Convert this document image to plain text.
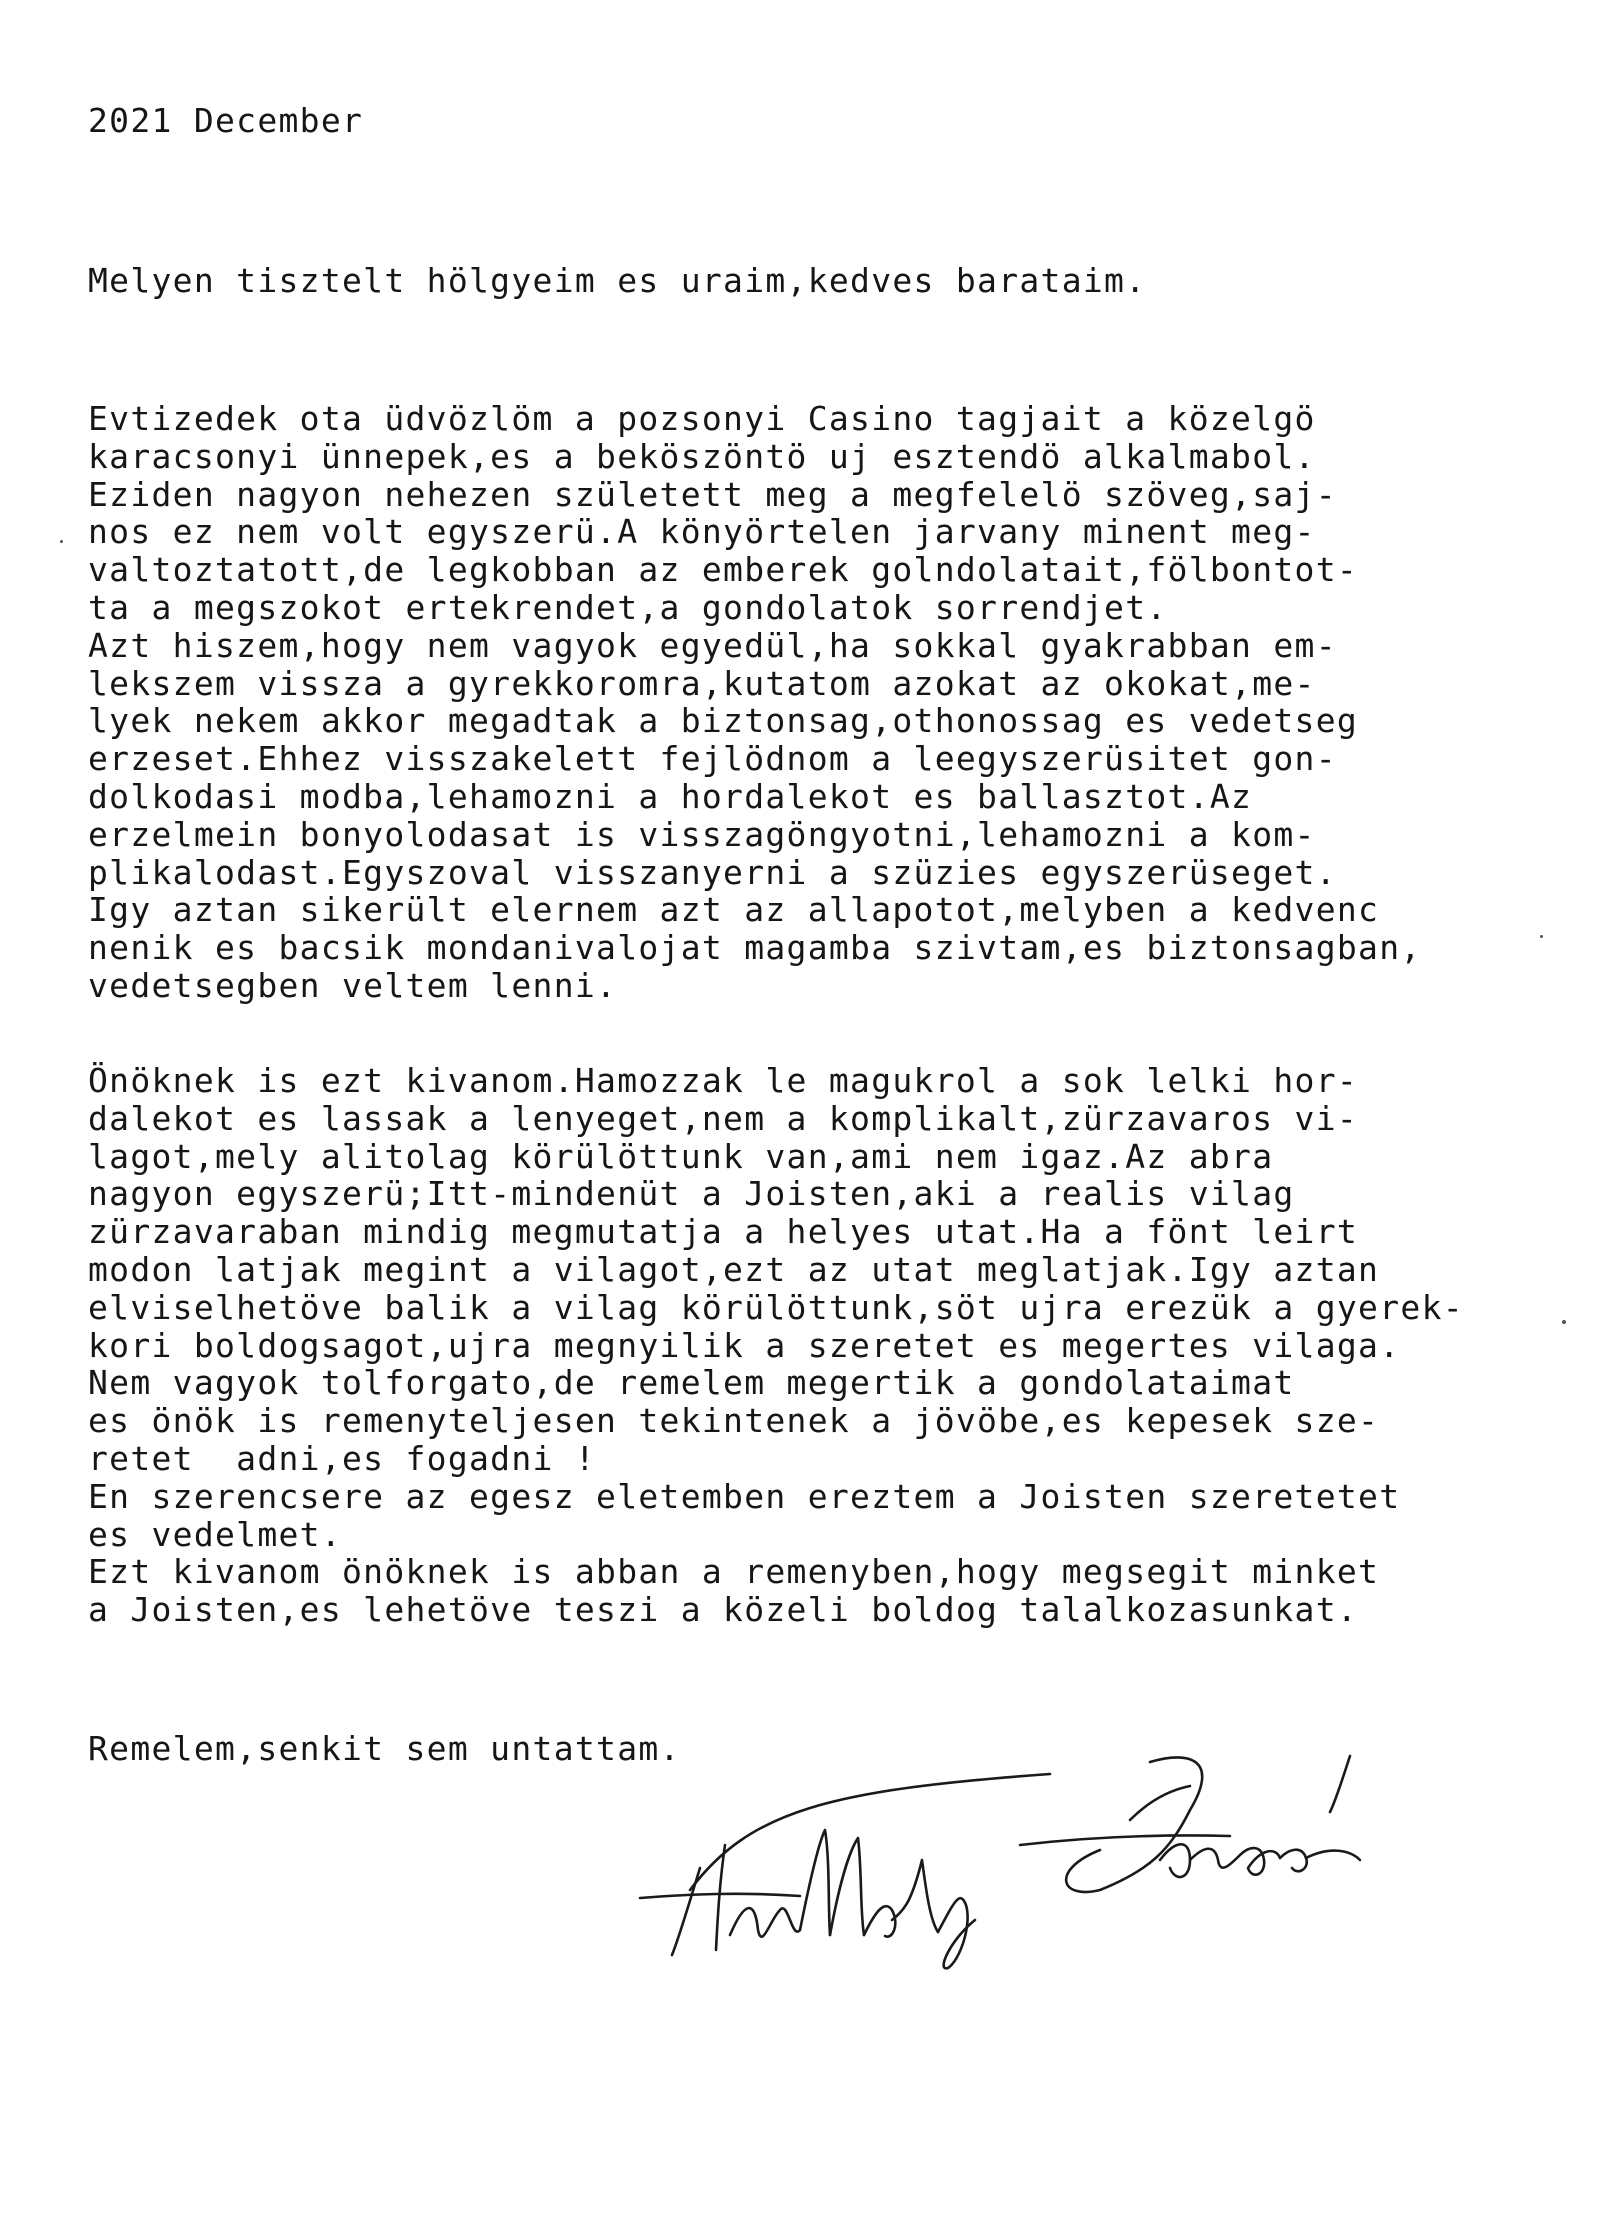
2021 December

Melyen tisztelt hölgyeim es uraim,kedves barataim.

Evtizedek ota üdvözlöm a pozsonyi Casino tagjait a közelgö
karacsonyi ünnepek,es a beköszöntö uj esztendö alkalmabol.
Eziden nagyon nehezen született meg a megfelelö szöveg,saj-
nos ez nem volt egyszerü.A könyörtelen jarvany minent meg-
valtoztatott,de legkobban az emberek golndolatait,fölbontot-
ta a megszokot ertekrendet,a gondolatok sorrendjet.
Azt hiszem,hogy nem vagyok egyedül,ha sokkal gyakrabban em-
lekszem vissza a gyrekkoromra,kutatom azokat az okokat,me-
lyek nekem akkor megadtak a biztonsag,othonossag es vedetseg
erzeset.Ehhez visszakelett fejlödnom a leegyszerüsitet gon-
dolkodasi modba,lehamozni a hordalekot es ballasztot.Az
erzelmein bonyolodasat is visszagöngyotni,lehamozni a kom-
plikalodast.Egyszoval visszanyerni a szüzies egyszerüseget.
Igy aztan sikerült elernem azt az allapotot,melyben a kedvenc
nenik es bacsik mondanivalojat magamba szivtam,es biztonsagban,
vedetsegben veltem lenni.
Önöknek is ezt kivanom.Hamozzak le magukrol a sok lelki hor-
dalekot es lassak a lenyeget,nem a komplikalt,zürzavaros vi-
lagot,mely alitolag körülöttunk van,ami nem igaz.Az abra
nagyon egyszerü;Itt-mindenüt a Joisten,aki a realis vilag
zürzavaraban mindig megmutatja a helyes utat.Ha a fönt leirt
modon latjak megint a vilagot,ezt az utat meglatjak.Igy aztan
elviselhetöve balik a vilag körülöttunk,söt ujra erezük a gyerek-
kori boldogsagot,ujra megnyilik a szeretet es megertes vilaga.
Nem vagyok tolforgato,de remelem megertik a gondolataimat
es önök is remenyteljesen tekintenek a jövöbe,es kepesek sze-
retet  adni,es fogadni !
En szerencsere az egesz eletemben ereztem a Joisten szeretetet
es vedelmet.
Ezt kivanom önöknek is abban a remenyben,hogy megsegit minket
a Joisten,es lehetöve teszi a közeli boldog talalkozasunkat.

Remelem,senkit sem untattam.
